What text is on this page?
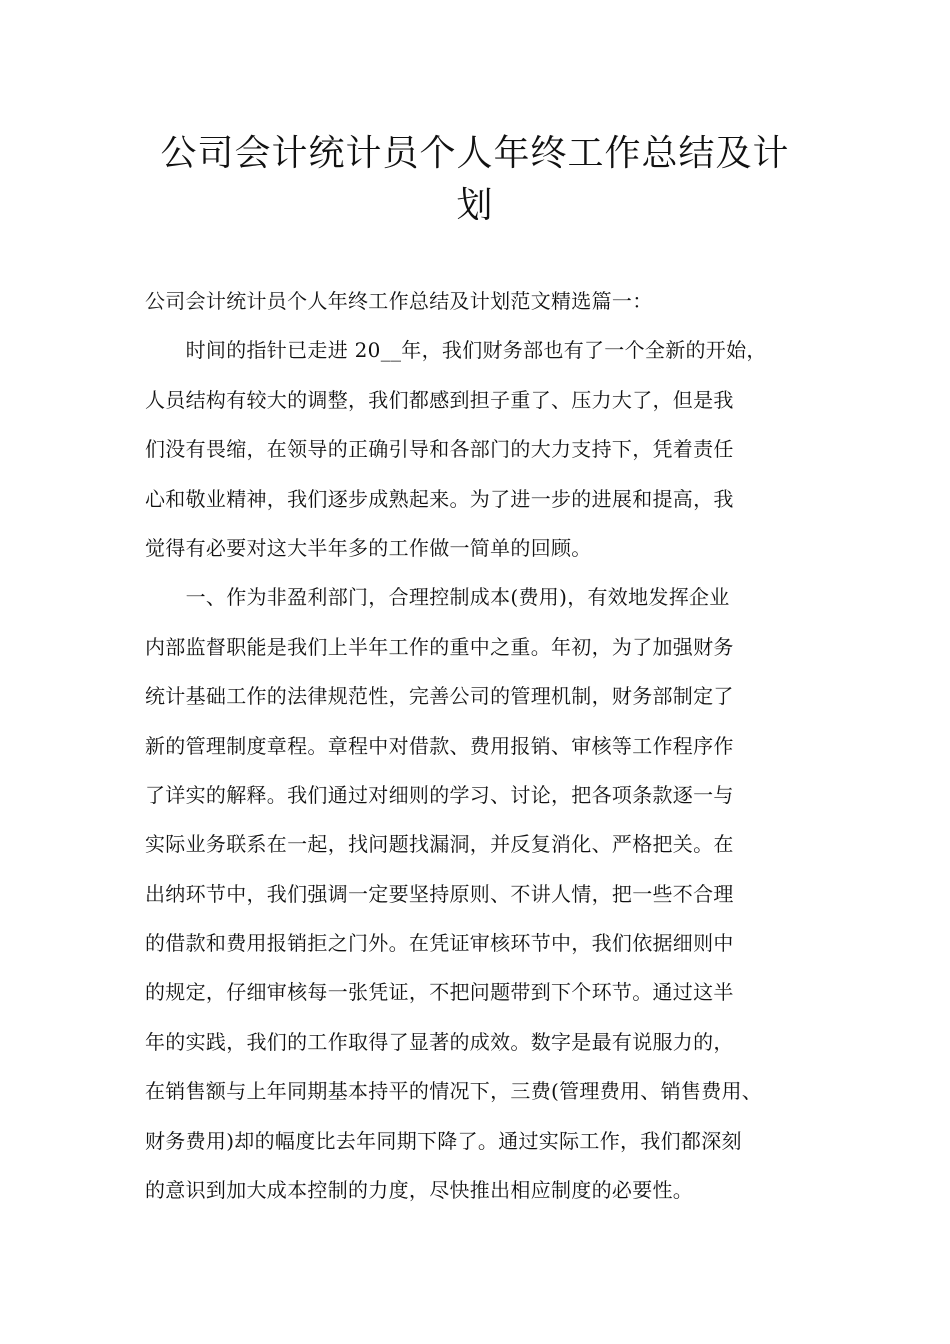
公司会计统计员个人年终工作总结及计
划
公司会计统计员个人年终工作总结及计划范文精选篇一：
　　时间的指针已走进 20__年，我们财务部也有了一个全新的开始，
人员结构有较大的调整，我们都感到担子重了、压力大了，但是我
们没有畏缩，在领导的正确引导和各部门的大力支持下，凭着责任
心和敬业精神，我们逐步成熟起来。为了进一步的进展和提高，我
觉得有必要对这大半年多的工作做一简单的回顾。
　　一、作为非盈利部门，合理控制成本(费用)，有效地发挥企业
内部监督职能是我们上半年工作的重中之重。年初，为了加强财务
统计基础工作的法律规范性，完善公司的管理机制，财务部制定了
新的管理制度章程。章程中对借款、费用报销、审核等工作程序作
了详实的解释。我们通过对细则的学习、讨论，把各项条款逐一与
实际业务联系在一起，找问题找漏洞，并反复消化、严格把关。在
出纳环节中，我们强调一定要坚持原则、不讲人情，把一些不合理
的借款和费用报销拒之门外。在凭证审核环节中，我们依据细则中
的规定，仔细审核每一张凭证，不把问题带到下个环节。通过这半
年的实践，我们的工作取得了显著的成效。数字是最有说服力的，
在销售额与上年同期基本持平的情况下，三费(管理费用、销售费用、
财务费用)却的幅度比去年同期下降了。通过实际工作，我们都深刻
的意识到加大成本控制的力度，尽快推出相应制度的必要性。
